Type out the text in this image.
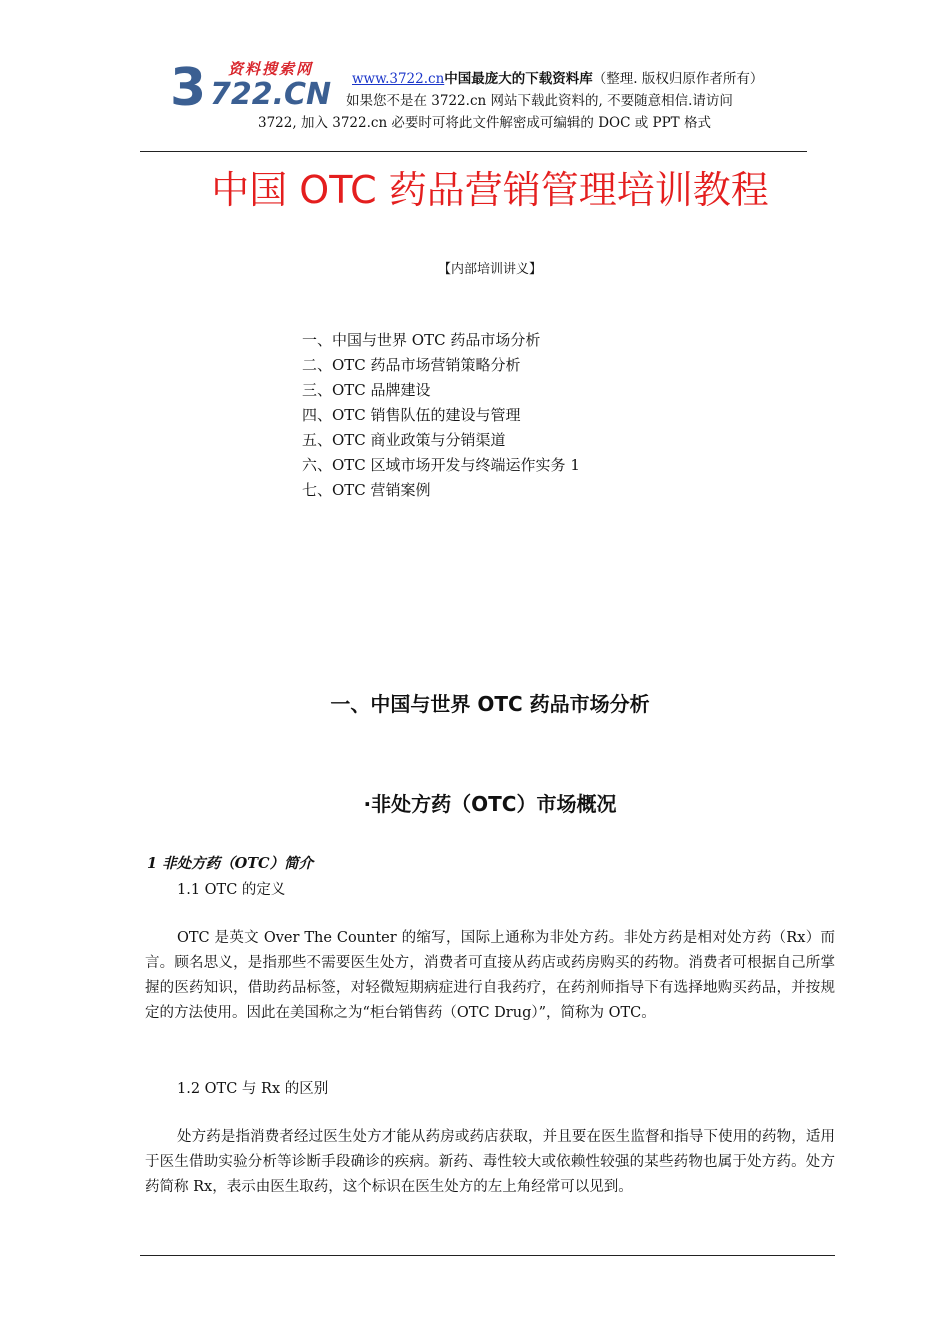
资料搜索网
3 722.CN www.3722.cn中国最庞大的下载资料库（整理. 版权归原作者所有）
如果您不是在 3722.cn 网站下载此资料的, 不要随意相信.请访问
3722, 加入 3722.cn 必要时可将此文件解密成可编辑的 DOC 或 PPT 格式
中国 OTC 药品营销管理培训教程
【内部培训讲义】
一、中国与世界 OTC 药品市场分析
二、OTC 药品市场营销策略分析
三、OTC 品牌建设
四、OTC 销售队伍的建设与管理
五、OTC 商业政策与分销渠道
六、OTC 区域市场开发与终端运作实务 1
七、OTC 营销案例
一、中国与世界 OTC 药品市场分析
·非处方药（OTC）市场概况
1 非处方药（OTC）简介
1.1 OTC 的定义

OTC 是英文 Over The Counter 的缩写，国际上通称为非处方药。非处方药是相对处方药（Rx）而言。顾名思义，是指那些不需要医生处方，消费者可直接从药店或药房购买的药物。消费者可根据自己所掌握的医药知识，借助药品标签，对轻微短期病症进行自我药疗，在药剂师指导下有选择地购买药品，并按规定的方法使用。因此在美国称之为“柜台销售药（OTC Drug）”，简称为 OTC。

1.2 OTC 与 Rx 的区别

处方药是指消费者经过医生处方才能从药房或药店获取，并且要在医生监督和指导下使用的药物，适用于医生借助实验分析等诊断手段确诊的疾病。新药、毒性较大或依赖性较强的某些药物也属于处方药。处方药简称 Rx，表示由医生取药，这个标识在医生处方的左上角经常可以见到。
